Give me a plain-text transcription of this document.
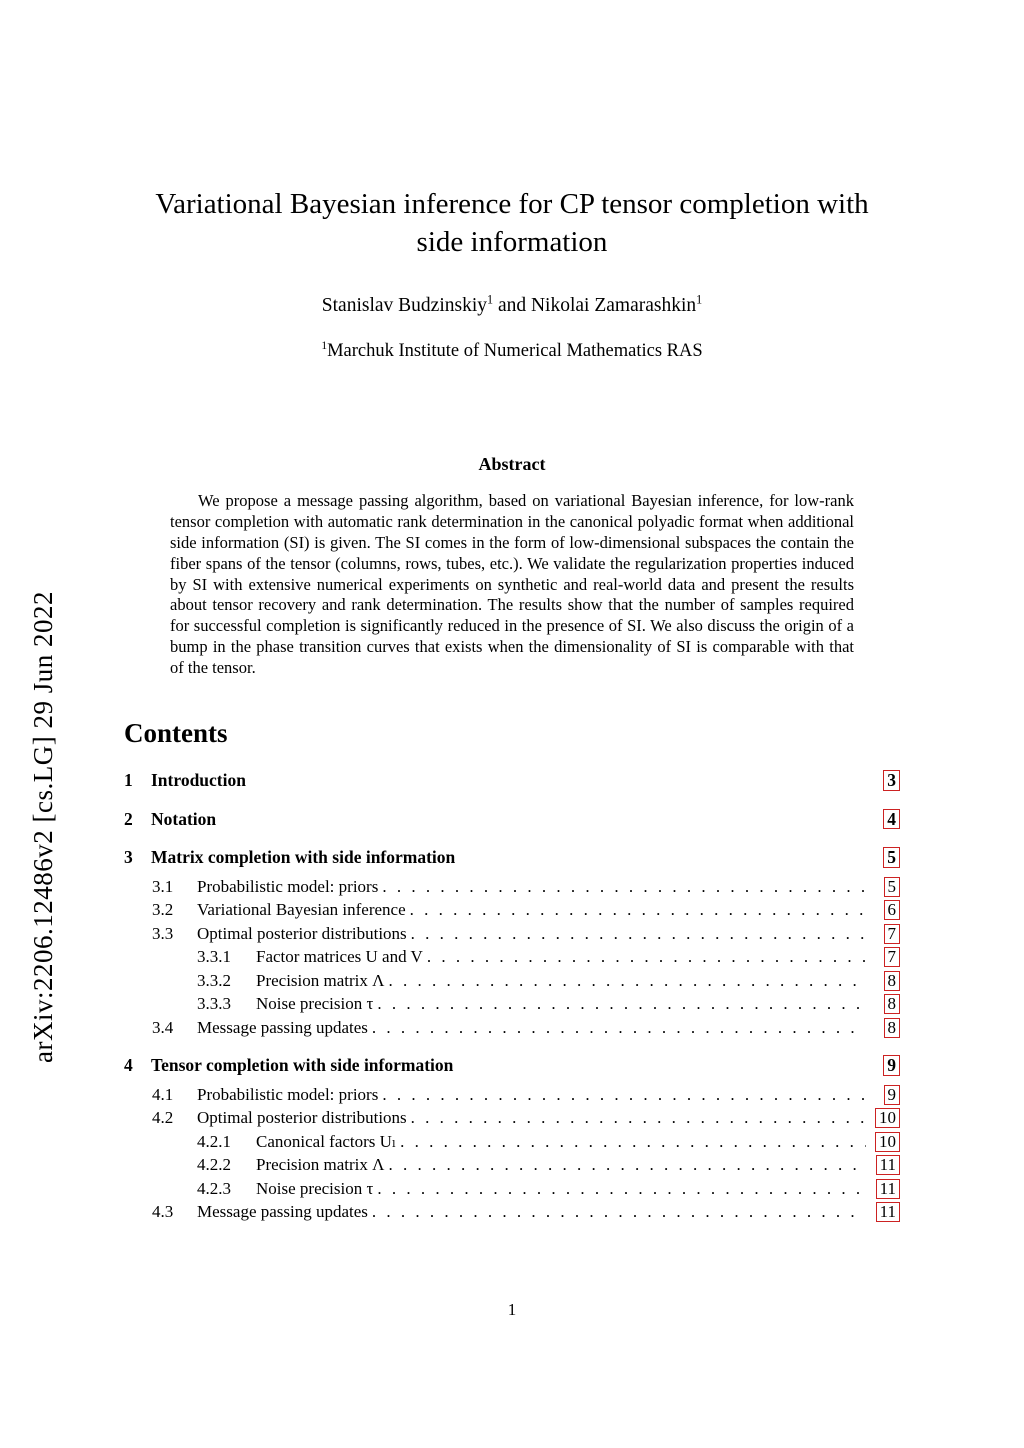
arXiv:2206.12486v2 [cs.LG] 29 Jun 2022
Variational Bayesian inference for CP tensor completion with
side information
Stanislav Budzinskiy$^1$ and Nikolai Zamarashkin$^1$
$^1$Marchuk Institute of Numerical Mathematics RAS
Abstract

We propose a message passing algorithm, based on variational Bayesian inference, for low-rank tensor completion with automatic rank determination in the canonical polyadic format when additional side information (SI) is given. The SI comes in the form of low-dimensional subspaces the contain the fiber spans of the tensor (columns, rows, tubes, etc.). We validate the regularization properties induced by SI with extensive numerical experiments on synthetic and real-world data and present the results about tensor recovery and rank determination. The results show that the number of samples required for successful completion is significantly reduced in the presence of SI. We also discuss the origin of a bump in the phase transition curves that exists when the dimensionality of SI is comparable with that of the tensor.

Contents
1	Introduction	3
2	Notation	4
3	Matrix completion with side information	5
3.1	Probabilistic model: priors . . .	5
3.2	Variational Bayesian inference . . .	6
3.3	Optimal posterior distributions . . .	7
3.3.1	Factor matrices U and V . . .	7
3.3.2	Precision matrix Λ . . .	8
3.3.3	Noise precision τ . . .	8
3.4	Message passing updates . . .	8
4	Tensor completion with side information	9
4.1	Probabilistic model: priors . . .	9
4.2	Optimal posterior distributions . . .	10
4.2.1	Canonical factors Uₗ . . .	10
4.2.2	Precision matrix Λ . . .	11
4.2.3	Noise precision τ . . .	11
4.3	Message passing updates . . .	11
1
